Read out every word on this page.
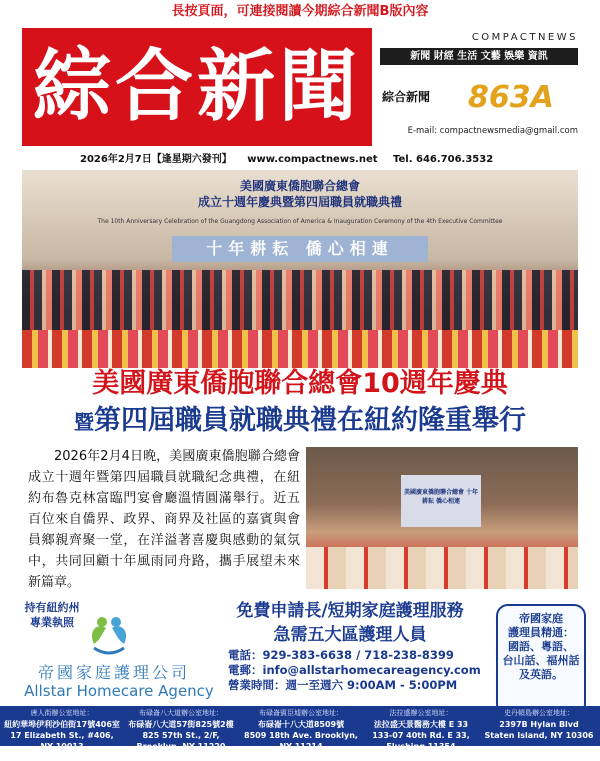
長按頁面，可連接閱讀今期綜合新聞B版內容
綜合新聞
COMPACTNEWS
新聞 財經 生活 文藝 娛樂 資訊
綜合新聞 863A
E-mail: compactnewsmedia@gmail.com
2026年2月7日【逢星期六發刊】 www.compactnews.net Tel. 646.706.3532
美國廣東僑胞聯合總會
成立十週年慶典暨第四屆職員就職典禮
The 10th Anniversary Celebration of the Guangdong Association of America & Inauguration Ceremony of the 4th Executive Committee
十年耕耘 僑心相連
美國廣東僑胞聯合總會10週年慶典
暨第四屆職員就職典禮在紐約隆重舉行
2026年2月4日晚，美國廣東僑胞聯合總會成立十週年暨第四屆職員就職紀念典禮，在紐約布魯克林富臨門宴會廳溫情圓滿舉行。近五百位來自僑界、政界、商界及社區的嘉賓與會員鄉親齊聚一堂，在洋溢著喜慶與感動的氣氛中，共同回顧十年風雨同舟路，攜手展望未來新篇章。
美國廣東僑胞聯合總會 十年耕耘 僑心相連
持有紐約州
專業執照
帝國家庭護理公司
Allstar Homecare Agency
免費申請長/短期家庭護理服務
急需五大區護理人員
電話：929-383-6638 / 718-238-8399
電郵：info@allstarhomecareagency.com
營業時間：週一至週六 9:00AM - 5:00PM
帝國家庭
護理員精通：
國語、粵語、
台山話、福州話
及英語。
唐人街辦公室地址：
紐約華埠伊利沙伯街17號406室
17 Elizabeth St., #406, NY 10013
布碌崙八大道辦公室地址：
布碌崙八大道57街825號2樓
825 57th St., 2/F, Brooklyn, NY 11220
布碌崙賓臣墟辦公室地址：
布碌崙十八大道8509號
8509 18th Ave. Brooklyn, NY 11214
法拉盛辦公室地址：
法拉盛天景醫務大樓 E 33
133-07 40th Rd. E 33, Flushing 11354
史丹頓島辦公室地址：
2397B Hylan Blvd
Staten Island, NY 10306
